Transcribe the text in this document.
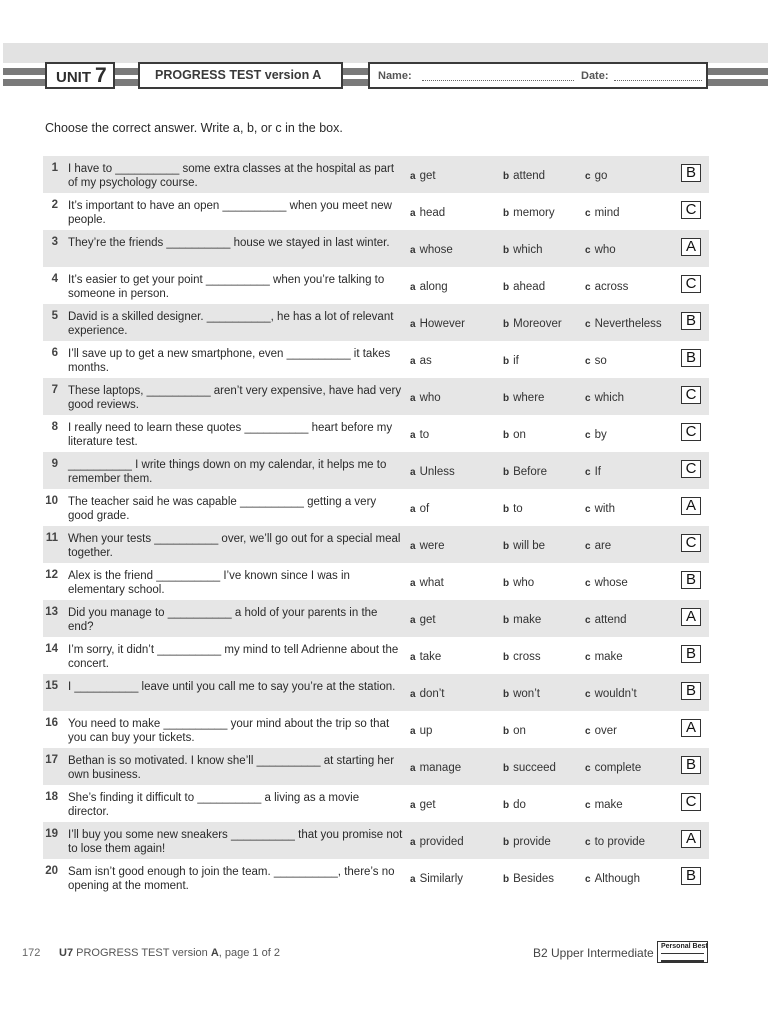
UNIT 7	PROGRESS TEST version A	Name:	Date:
Choose the correct answer. Write a, b, or c in the box.
1 I have to __________ some extra classes at the hospital as part of my psychology course.
a get	b attend	c go	B
2 It’s important to have an open __________ when you meet new people.
a head	b memory	c mind	C
3 They’re the friends __________ house we stayed in last winter.
a whose	b which	c who	A
4 It’s easier to get your point __________ when you’re talking to someone in person.
a along	b ahead	c across	C
5 David is a skilled designer. __________, he has a lot of relevant experience.
a However	b Moreover c Nevertheless	B
6 I’ll save up to get a new smartphone, even __________ it takes months.
a as	b if	c so	B
7 These laptops, __________ aren’t very expensive, have had very good reviews.
a who	b where	c which	C
8 I really need to learn these quotes __________ heart before my literature test.
a to	b on	c by	C
9 __________ I write things down on my calendar, it helps me to remember them.
a Unless	b Before	c If	C
10 The teacher said he was capable __________ getting a very good grade.
a of	b to	c with	A
11 When your tests __________ over, we’ll go out for a special meal together.
a were	b will be	c are	C
12 Alex is the friend __________ I’ve known since I was in elementary school.
a what	b who	c whose	B
13 Did you manage to __________ a hold of your parents in the end?
a get	b make	c attend	A
14 I’m sorry, it didn’t __________ my mind to tell Adrienne about the concert.
a take	b cross	c make	B
15 I __________ leave until you call me to say you’re at the station.
a don’t	b won’t	c wouldn’t	B
16 You need to make __________ your mind about the trip so that you can buy your tickets.
a up	b on	c over	A
17 Bethan is so motivated. I know she’ll __________ at starting her own business.
a manage	b succeed	c complete	B
18 She’s finding it difficult to __________ a living as a movie director.
a get	b do	c make	C
19 I’ll buy you some new sneakers __________ that you promise not to lose them again!
a provided	b provide	c to provide	A
20 Sam isn’t good enough to join the team. __________, there’s no opening at the moment.
a Similarly	b Besides	c Although	B
172 U7 PROGRESS TEST version A, page 1 of 2	B2 Upper Intermediate Personal Best
